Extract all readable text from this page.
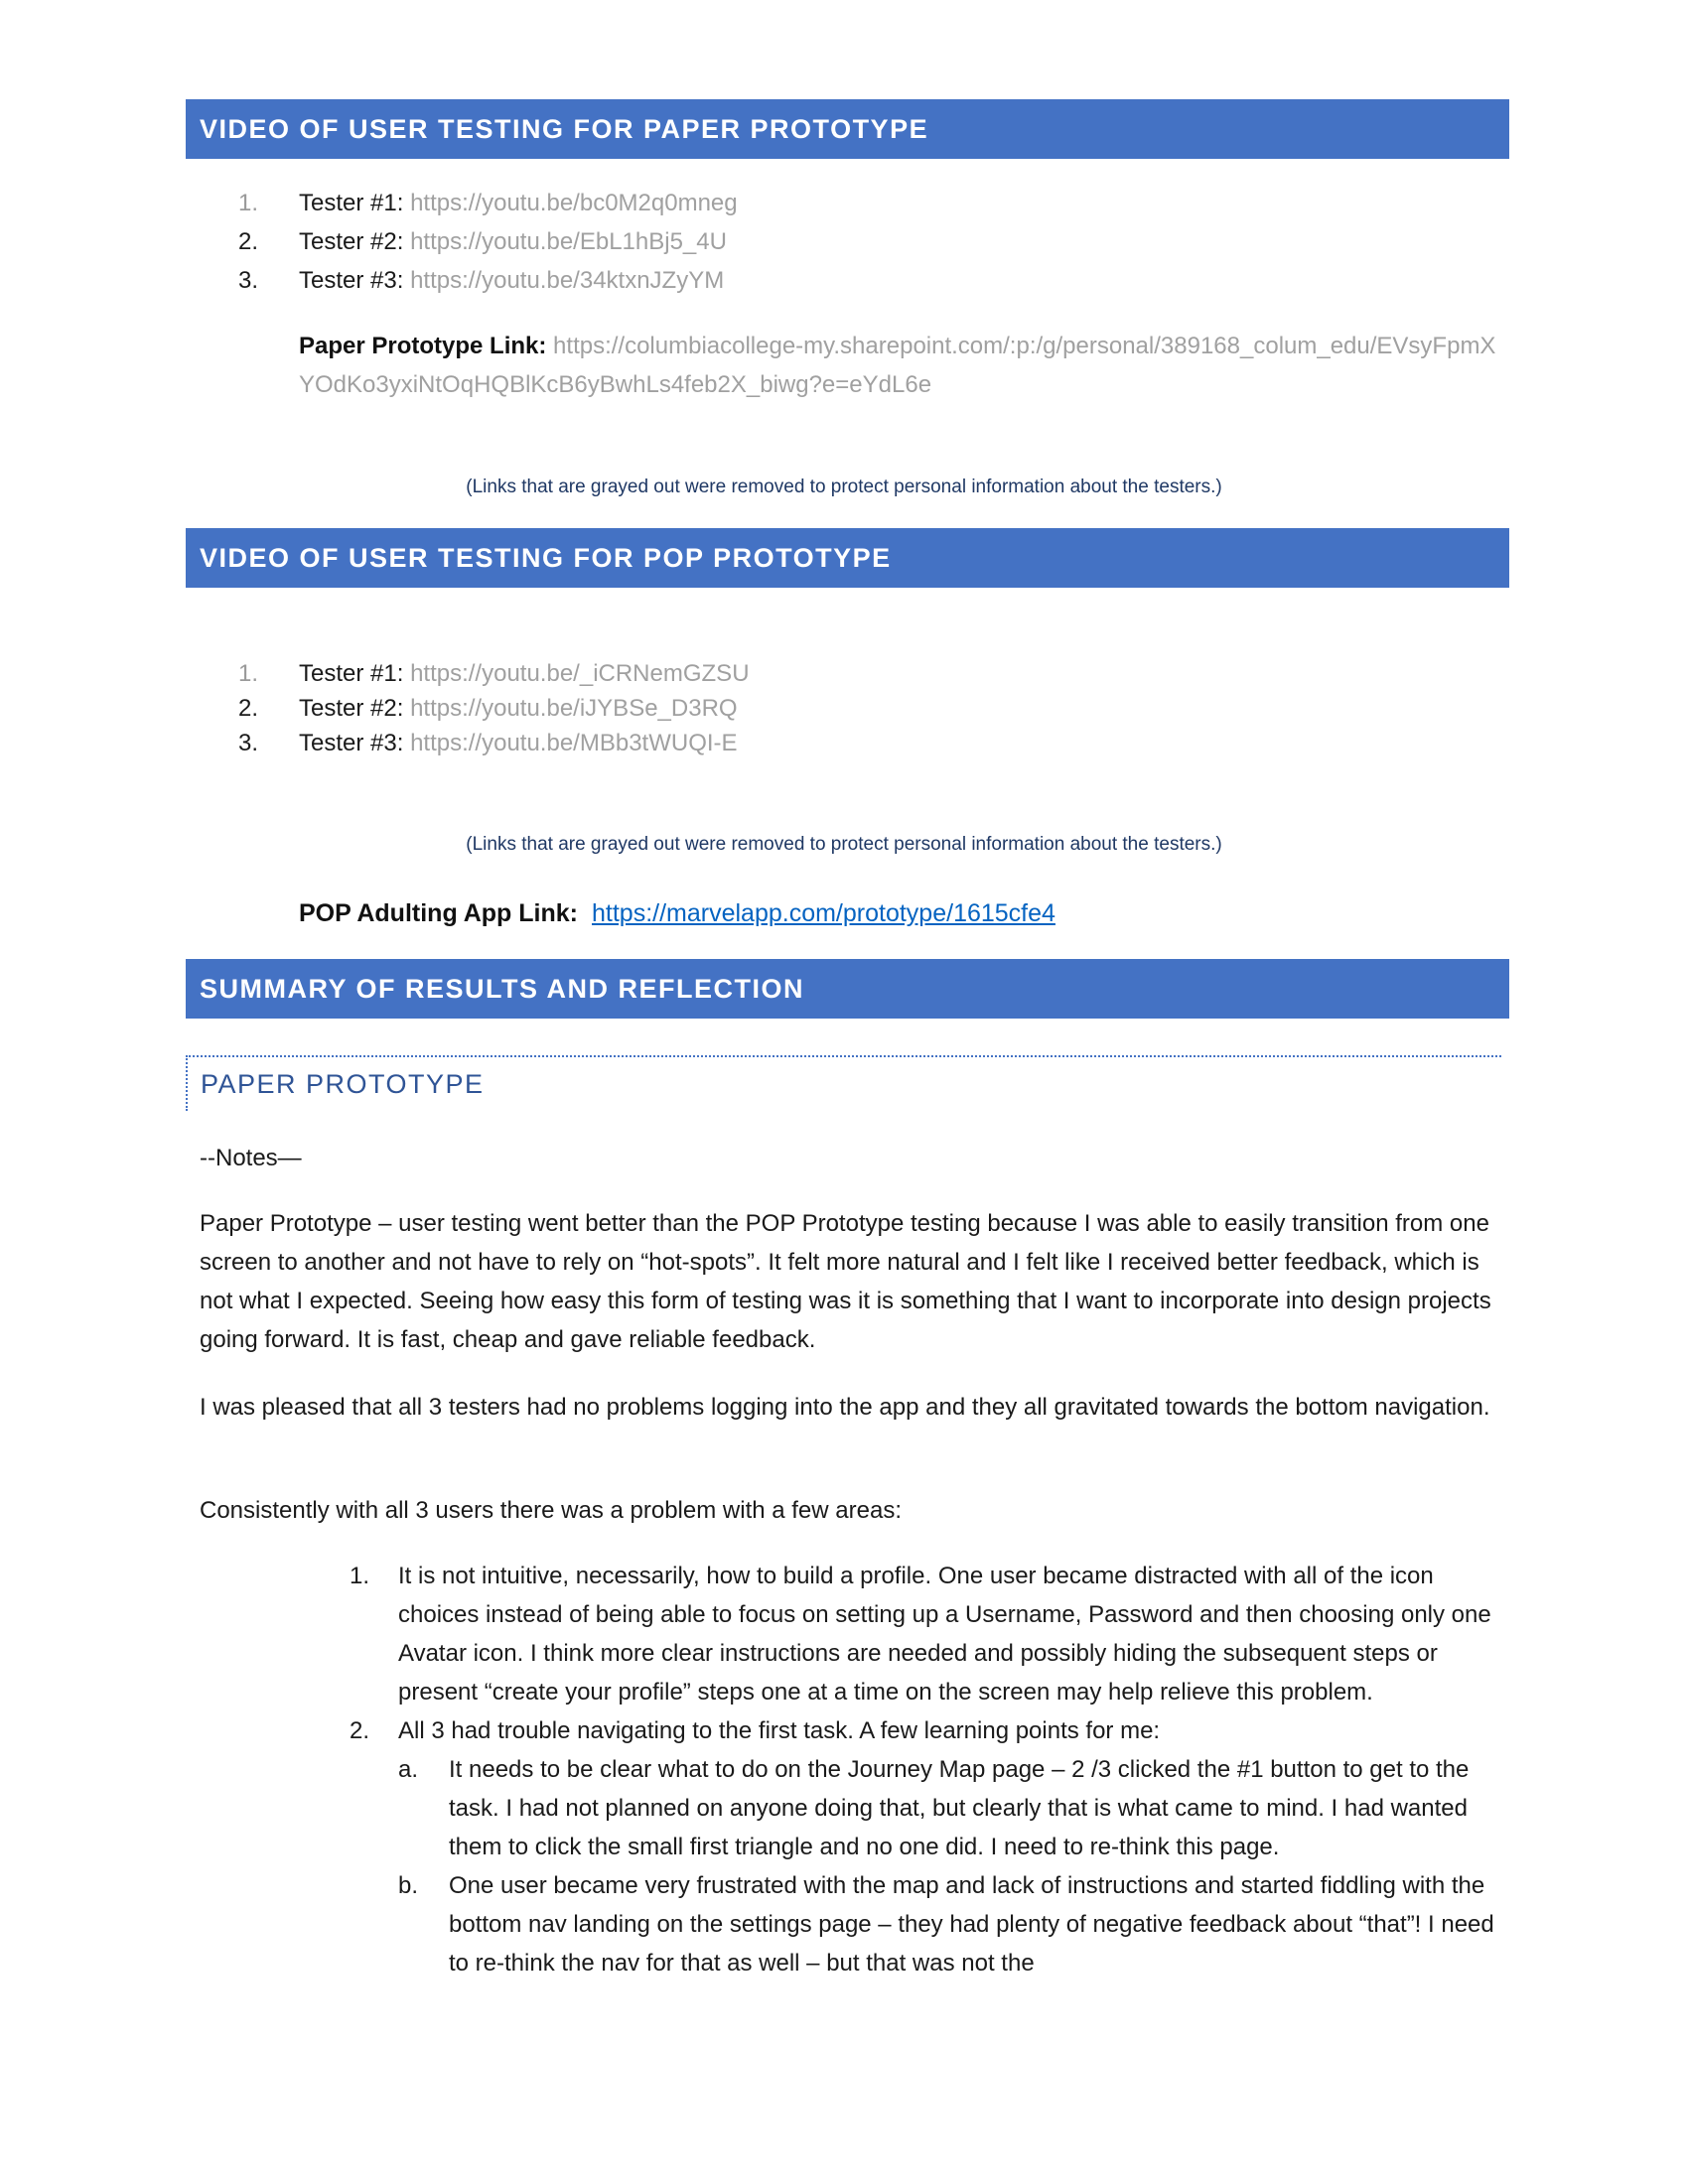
VIDEO OF USER TESTING FOR PAPER PROTOTYPE
1. Tester #1: https://youtu.be/bc0M2q0mneg
2. Tester #2: https://youtu.be/EbL1hBj5_4U
3. Tester #3: https://youtu.be/34ktxnJZyYM
Paper Prototype Link: https://columbiacollege-my.sharepoint.com/:p:/g/personal/389168_colum_edu/EVsyFpmXYOdKo3yxiNtOqHQBlKcB6yBwhLs4feb2X_biwg?e=eYdL6e
(Links that are grayed out were removed to protect personal information about the testers.)
VIDEO OF USER TESTING FOR POP PROTOTYPE
1. Tester #1: https://youtu.be/_iCRNemGZSU
2. Tester #2: https://youtu.be/iJYBSe_D3RQ
3. Tester #3: https://youtu.be/MBb3tWUQI-E
(Links that are grayed out were removed to protect personal information about the testers.)
POP Adulting App Link: https://marvelapp.com/prototype/1615cfe4
SUMMARY OF RESULTS AND REFLECTION
PAPER PROTOTYPE

--Notes—

Paper Prototype – user testing went better than the POP Prototype testing because I was able to easily transition from one screen to another and not have to rely on “hot-spots”. It felt more natural and I felt like I received better feedback, which is not what I expected. Seeing how easy this form of testing was it is something that I want to incorporate into design projects going forward. It is fast, cheap and gave reliable feedback.

I was pleased that all 3 testers had no problems logging into the app and they all gravitated towards the bottom navigation.

Consistently with all 3 users there was a problem with a few areas:

1. It is not intuitive, necessarily, how to build a profile. One user became distracted with all of the icon choices instead of being able to focus on setting up a Username, Password and then choosing only one Avatar icon. I think more clear instructions are needed and possibly hiding the subsequent steps or present “create your profile” steps one at a time on the screen may help relieve this problem.
2. All 3 had trouble navigating to the first task. A few learning points for me:
a. It needs to be clear what to do on the Journey Map page – 2 /3 clicked the #1 button to get to the task. I had not planned on anyone doing that, but clearly that is what came to mind. I had wanted them to click the small first triangle and no one did. I need to re-think this page.
b. One user became very frustrated with the map and lack of instructions and started fiddling with the bottom nav landing on the settings page – they had plenty of negative feedback about “that”! I need to re-think the nav for that as well – but that was not the
